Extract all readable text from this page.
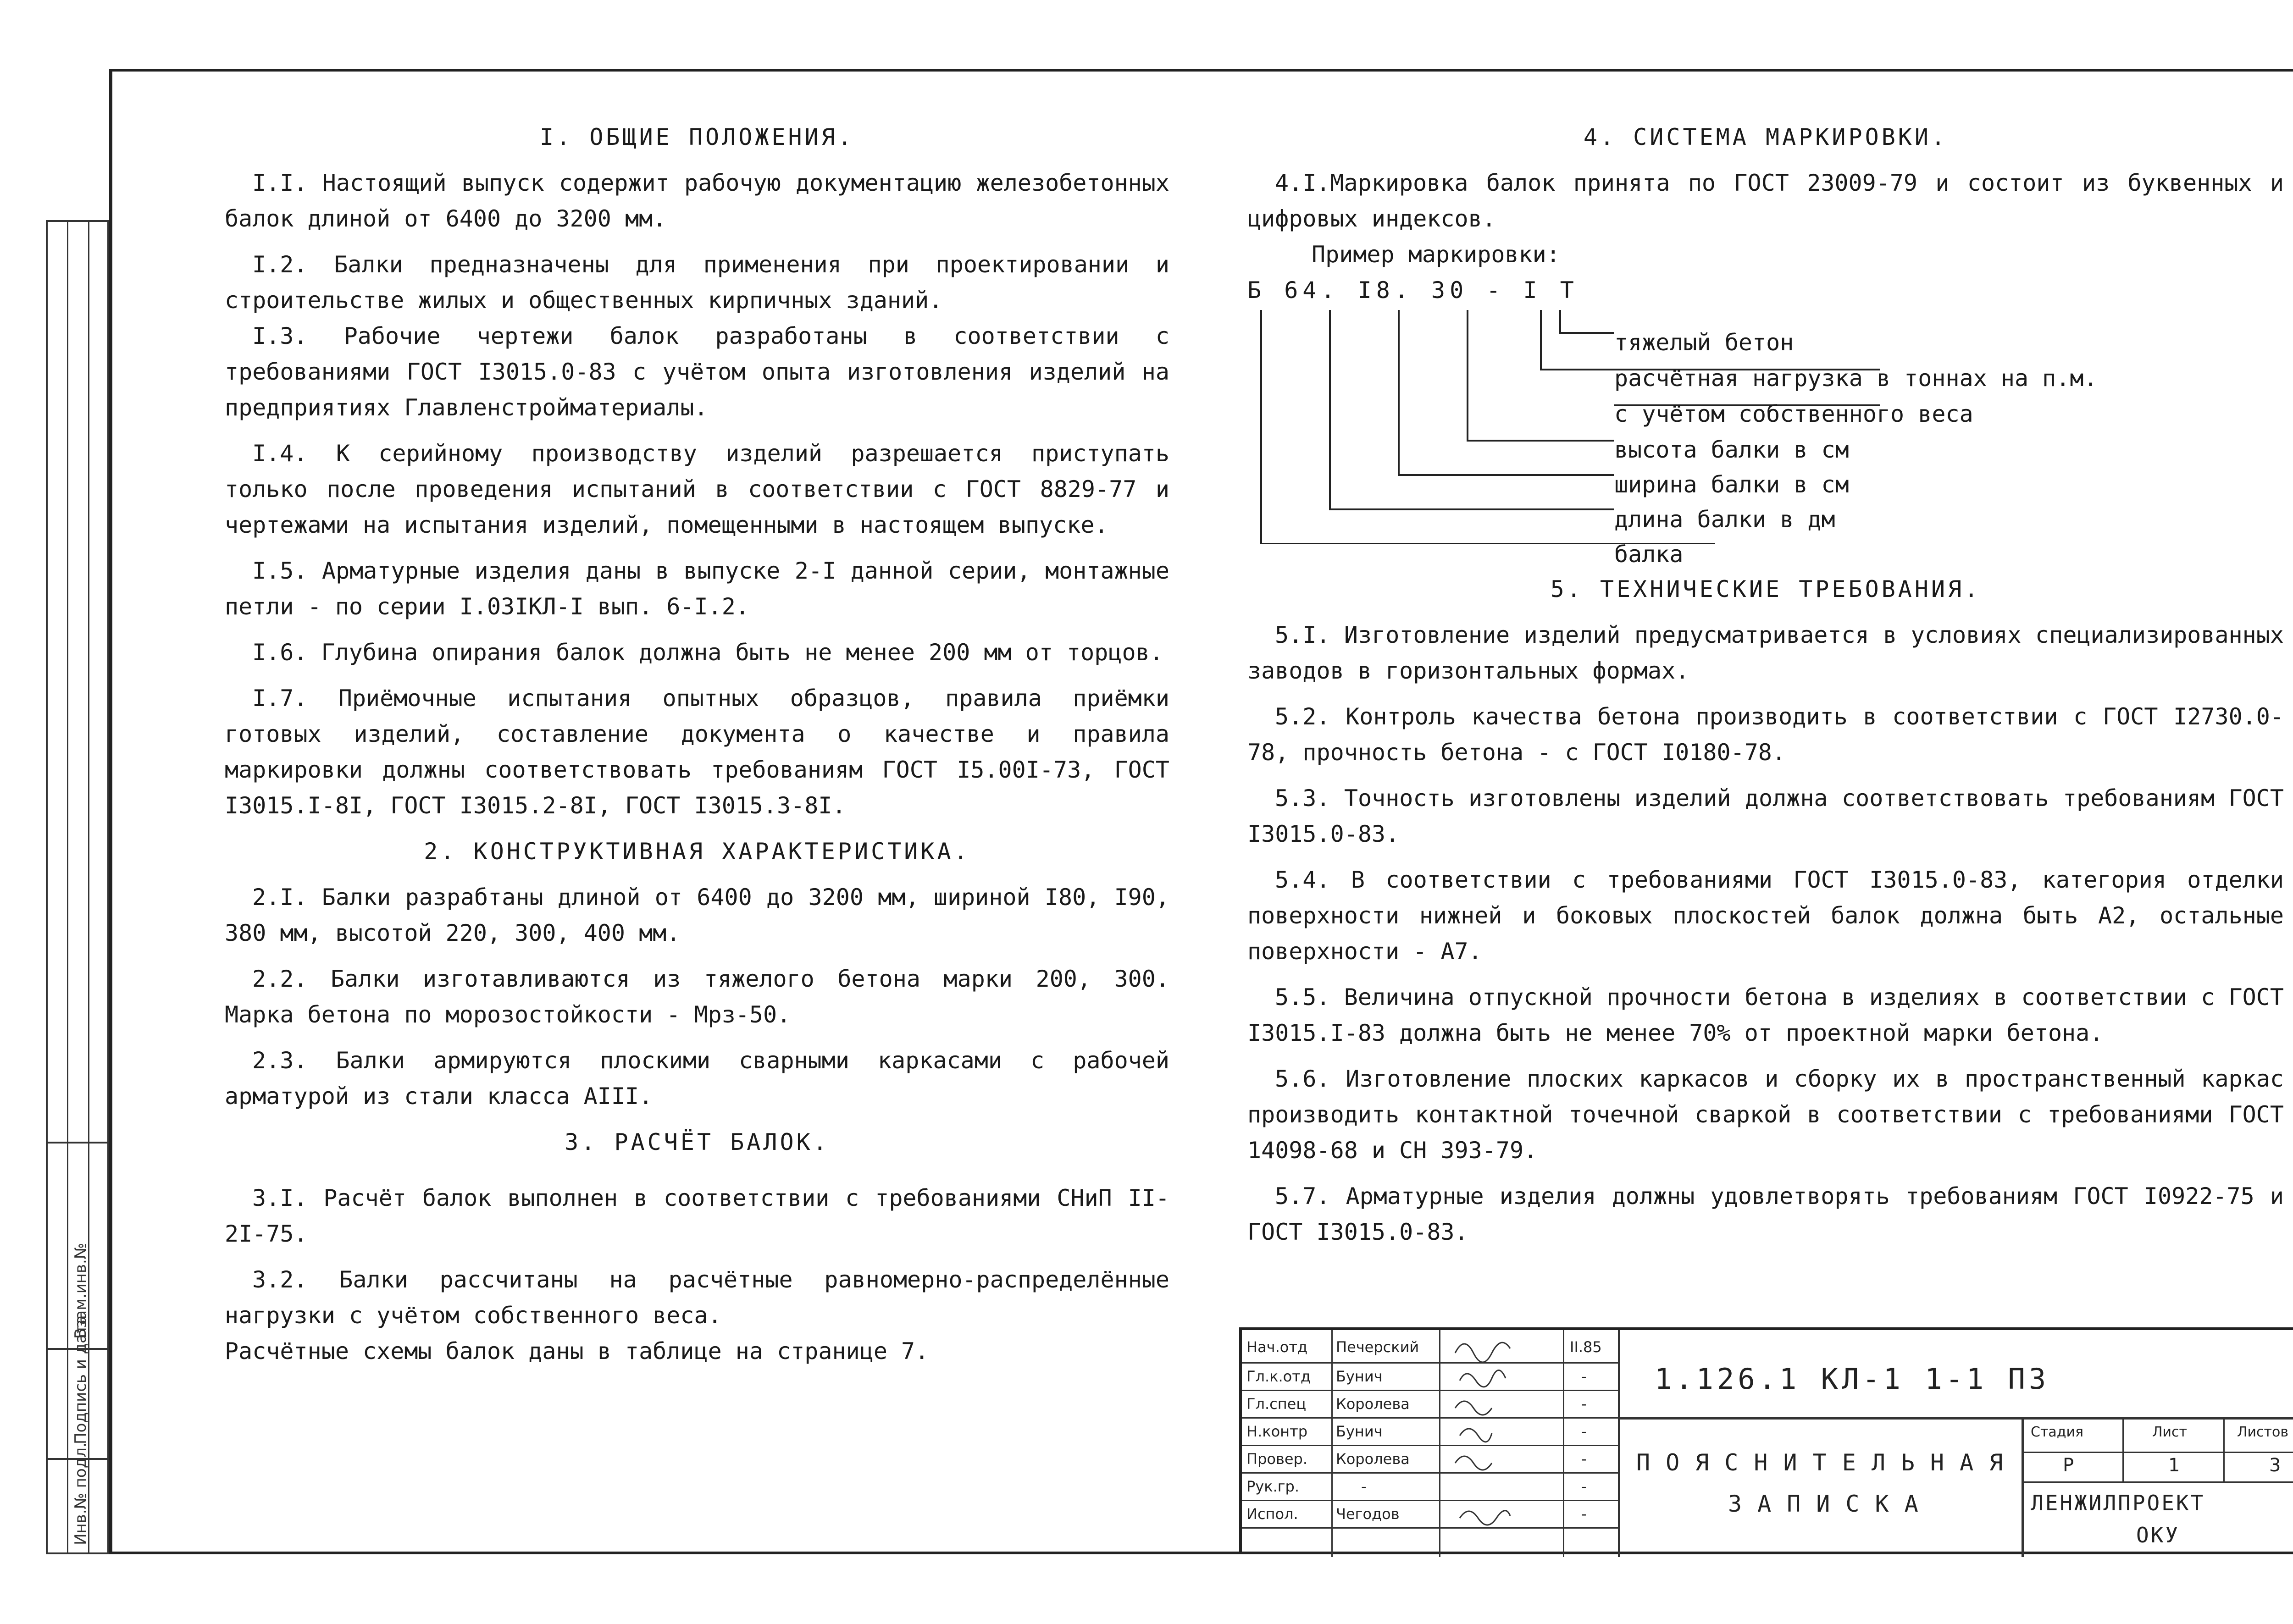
Инв.№ подл.
Подпись и дата
Взам.инв.№
I. ОБЩИЕ ПОЛОЖЕНИЯ.

I.I. Настоящий выпуск содержит рабочую документацию железобетонных балок длиной от 6400 до 3200 мм.

I.2. Балки предназначены для применения при проектировании и строительстве жилых и общественных кирпичных зданий.

I.3. Рабочие чертежи балок разработаны в соответствии с требованиями ГОСТ I3015.0-83 с учётом опыта изготовления изделий на предприятиях Главленстройматериалы.

I.4. К серийному производству изделий разрешается приступать только после проведения испытаний в соответствии с ГОСТ 8829-77 и чертежами на испытания изделий, помещенными в настоящем выпуске.

I.5. Арматурные изделия даны в выпуске 2-I данной серии, монтажные петли - по серии I.03IКЛ-I вып. 6-I.2.

I.6. Глубина опирания балок должна быть не менее 200 мм от торцов.

I.7. Приёмочные испытания опытных образцов, правила приёмки готовых изделий, составление документа о качестве и правила маркировки должны соответствовать требованиям ГОСТ I5.00I-73, ГОСТ I3015.I-8I, ГОСТ I3015.2-8I, ГОСТ I3015.3-8I.

2. КОНСТРУКТИВНАЯ ХАРАКТЕРИСТИКА.

2.I. Балки разрабтаны длиной от 6400 до 3200 мм, шириной I80, I90, 380 мм, высотой 220, 300, 400 мм.

2.2. Балки изготавливаются из тяжелого бетона марки 200, 300. Марка бетона по морозостойкости - Мрз-50.

2.3. Балки армируются плоскими сварными каркасами с рабочей арматурой из стали класса АIII.

3. РАСЧЁТ БАЛОК.

3.I. Расчёт балок выполнен в соответствии с требованиями СНиП II-2I-75.

3.2. Балки рассчитаны на расчётные равномерно-распределённые нагрузки с учётом собственного веса.

Расчётные схемы балок даны в таблице на странице 7.

4. СИСТЕМА МАРКИРОВКИ.

4.I.Маркировка балок принята по ГОСТ 23009-79 и состоит из буквенных и цифровых индексов.

Пример маркировки:
Б 64. I8. 30 - I Т
тяжелый бетон
расчётная нагрузка в тоннах на п.м.
с учётом собственного веса
высота балки в см
ширина балки в см
длина балки в дм
балка
5. ТЕХНИЧЕСКИЕ ТРЕБОВАНИЯ.

5.I. Изготовление изделий предусматривается в условиях специализированных заводов в горизонтальных формах.

5.2. Контроль качества бетона производить в соответствии с ГОСТ I2730.0-78, прочность бетона - с ГОСТ I0180-78.

5.3. Точность изготовлены изделий должна соответствовать требованиям ГОСТ I3015.0-83.

5.4. В соответствии с требованиями ГОСТ I3015.0-83, категория отделки поверхности нижней и боковых плоскостей балок должна быть А2, остальные поверхности - А7.

5.5. Величина отпускной прочности бетона в изделиях в соответствии с ГОСТ I3015.I-83 должна быть не менее 70% от проектной марки бетона.

5.6. Изготовление плоских каркасов и сборку их в пространственный каркас производить контактной точечной сваркой в соответствии с требованиями ГОСТ 14098-68 и СН 393-79.

5.7. Арматурные изделия должны удовлетворять требованиям ГОСТ I0922-75 и ГОСТ I3015.0-83.

Нач.отд Печерский	II.85
Гл.к.отд Бунич	-
Гл.спец Королева	-
Н.контр Бунич	-
Провер. Королева	-
Рук.гр.	-	-
Испол.	Чегодов	-
1.126.1 КЛ-1 1-1 ПЗ
ПОЯСНИТЕЛЬНАЯ
ЗАПИСКА
Стадия	Лист	Листов
Р	1	3
ЛЕНЖИЛПРОЕКТ
ОКУ
